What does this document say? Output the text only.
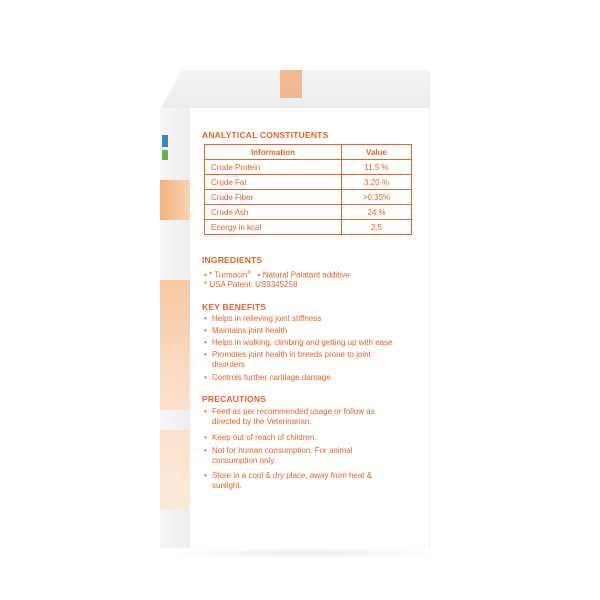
ANALYTICAL CONSTITUENTS
Information	Value
Crude Protein	11.5 %
Crude Fat	3.20 %
Crude Fiber	>0.35%
Crude Ash	24 %
Energy in kcal	2.5
INGREDIENTS
• * Turmacin® • Natural Palatant additive
* USA Patent: US9345258
KEY BENEFITS
• Helps in relieving joint stiffness
• Maintains joint health
• Helps in walking, climbing and getting up with ease
• Promotes joint health in breeds prone to joint disorders
• Controls further cartilage damage
PRECAUTIONS
• Feed as per recommended usage or follow as directed by the Veterinarian.
• Keep out of reach of children.
• Not for human consumption. For animal consumption only.
• Store in a cool & dry place, away from heat & sunlight.
